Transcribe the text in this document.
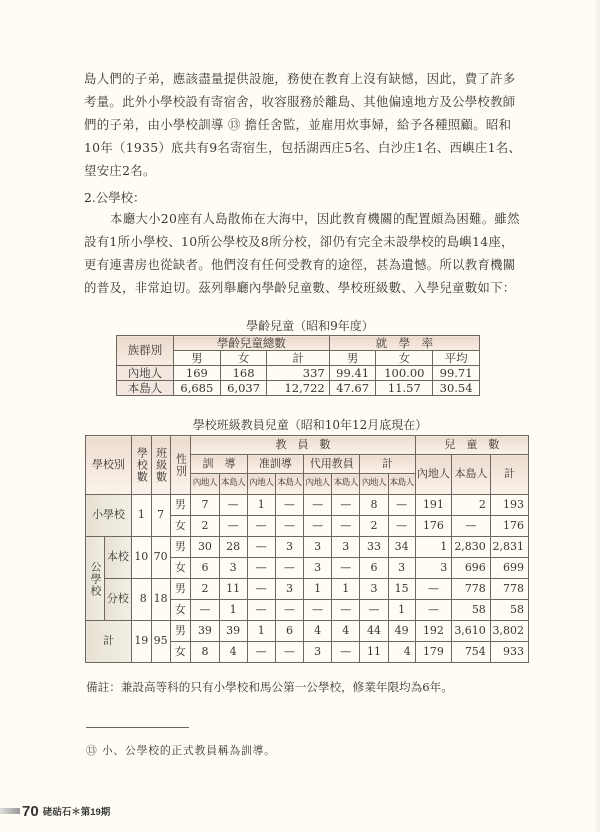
島人們的子弟，應該盡量提供設施，務使在教育上沒有缺憾，因此，費了許多考量。此外小學校設有寄宿舍，收容服務於離島、其他偏遠地方及公學校教師們的子弟，由小學校訓導 ⑬ 擔任舍監，並雇用炊事婦，給予各種照顧。昭和10年（1935）底共有9名寄宿生，包括湖西庄5名、白沙庄1名、西嶼庄1名、望安庄2名。

2.公學校：

本廳大小20座有人島散佈在大海中，因此教育機關的配置頗為困難。雖然設有1所小學校、10所公學校及8所分校，卻仍有完全未設學校的島嶼14座，更有連書房也從缺者。他們沒有任何受教育的途徑，甚為遺憾。所以教育機關的普及，非常迫切。茲列舉廳內學齡兒童數、學校班級數、入學兒童數如下：

學齡兒童（昭和9年度）
族群別	學齡兒童總數			就　學　率		
	男	女	計	男	女	平均
內地人	169	168	337	99.41	100.00	99.71
本島人	6,685	6,037	12,722	47.67	11.57	30.54
學校班級教員兒童（昭和10年12月底現在）
學校別		學校數	班級數	性別	教　員　數								兒　童　數		
					訓　導		准訓導		代用教員		計		內地人	本島人	計
					內地人	本島人	內地人	本島人	內地人	本島人	內地人	本島人			
小學校		1	7	男	7	—	1	—	—	—	8	—	191	2	193
				女	2	—	—	—	—	—	2	—	176	—	176

公學校	本校	10	70	男	30	28	—	3	3	3	33	34	1	2,830	2,831
				女	6	3	—	—	3	—	6	3	3	696	699
	分校	8	18	男	2	11	—	3	1	1	3	15	—	778	778
				女	—	1	—	—	—	—	—	1	—	58	58
計		19	95	男	39	39	1	6	4	4	44	49	192	3,610	3,802
				女	8	4	—	—	3	—	11	4	179	754	933
備註：兼設高等科的只有小學校和馬公第一公學校，修業年限均為6年。
⑬ 小、公學校的正式教員稱為訓導。
70 硓𥑮石＊第19期
